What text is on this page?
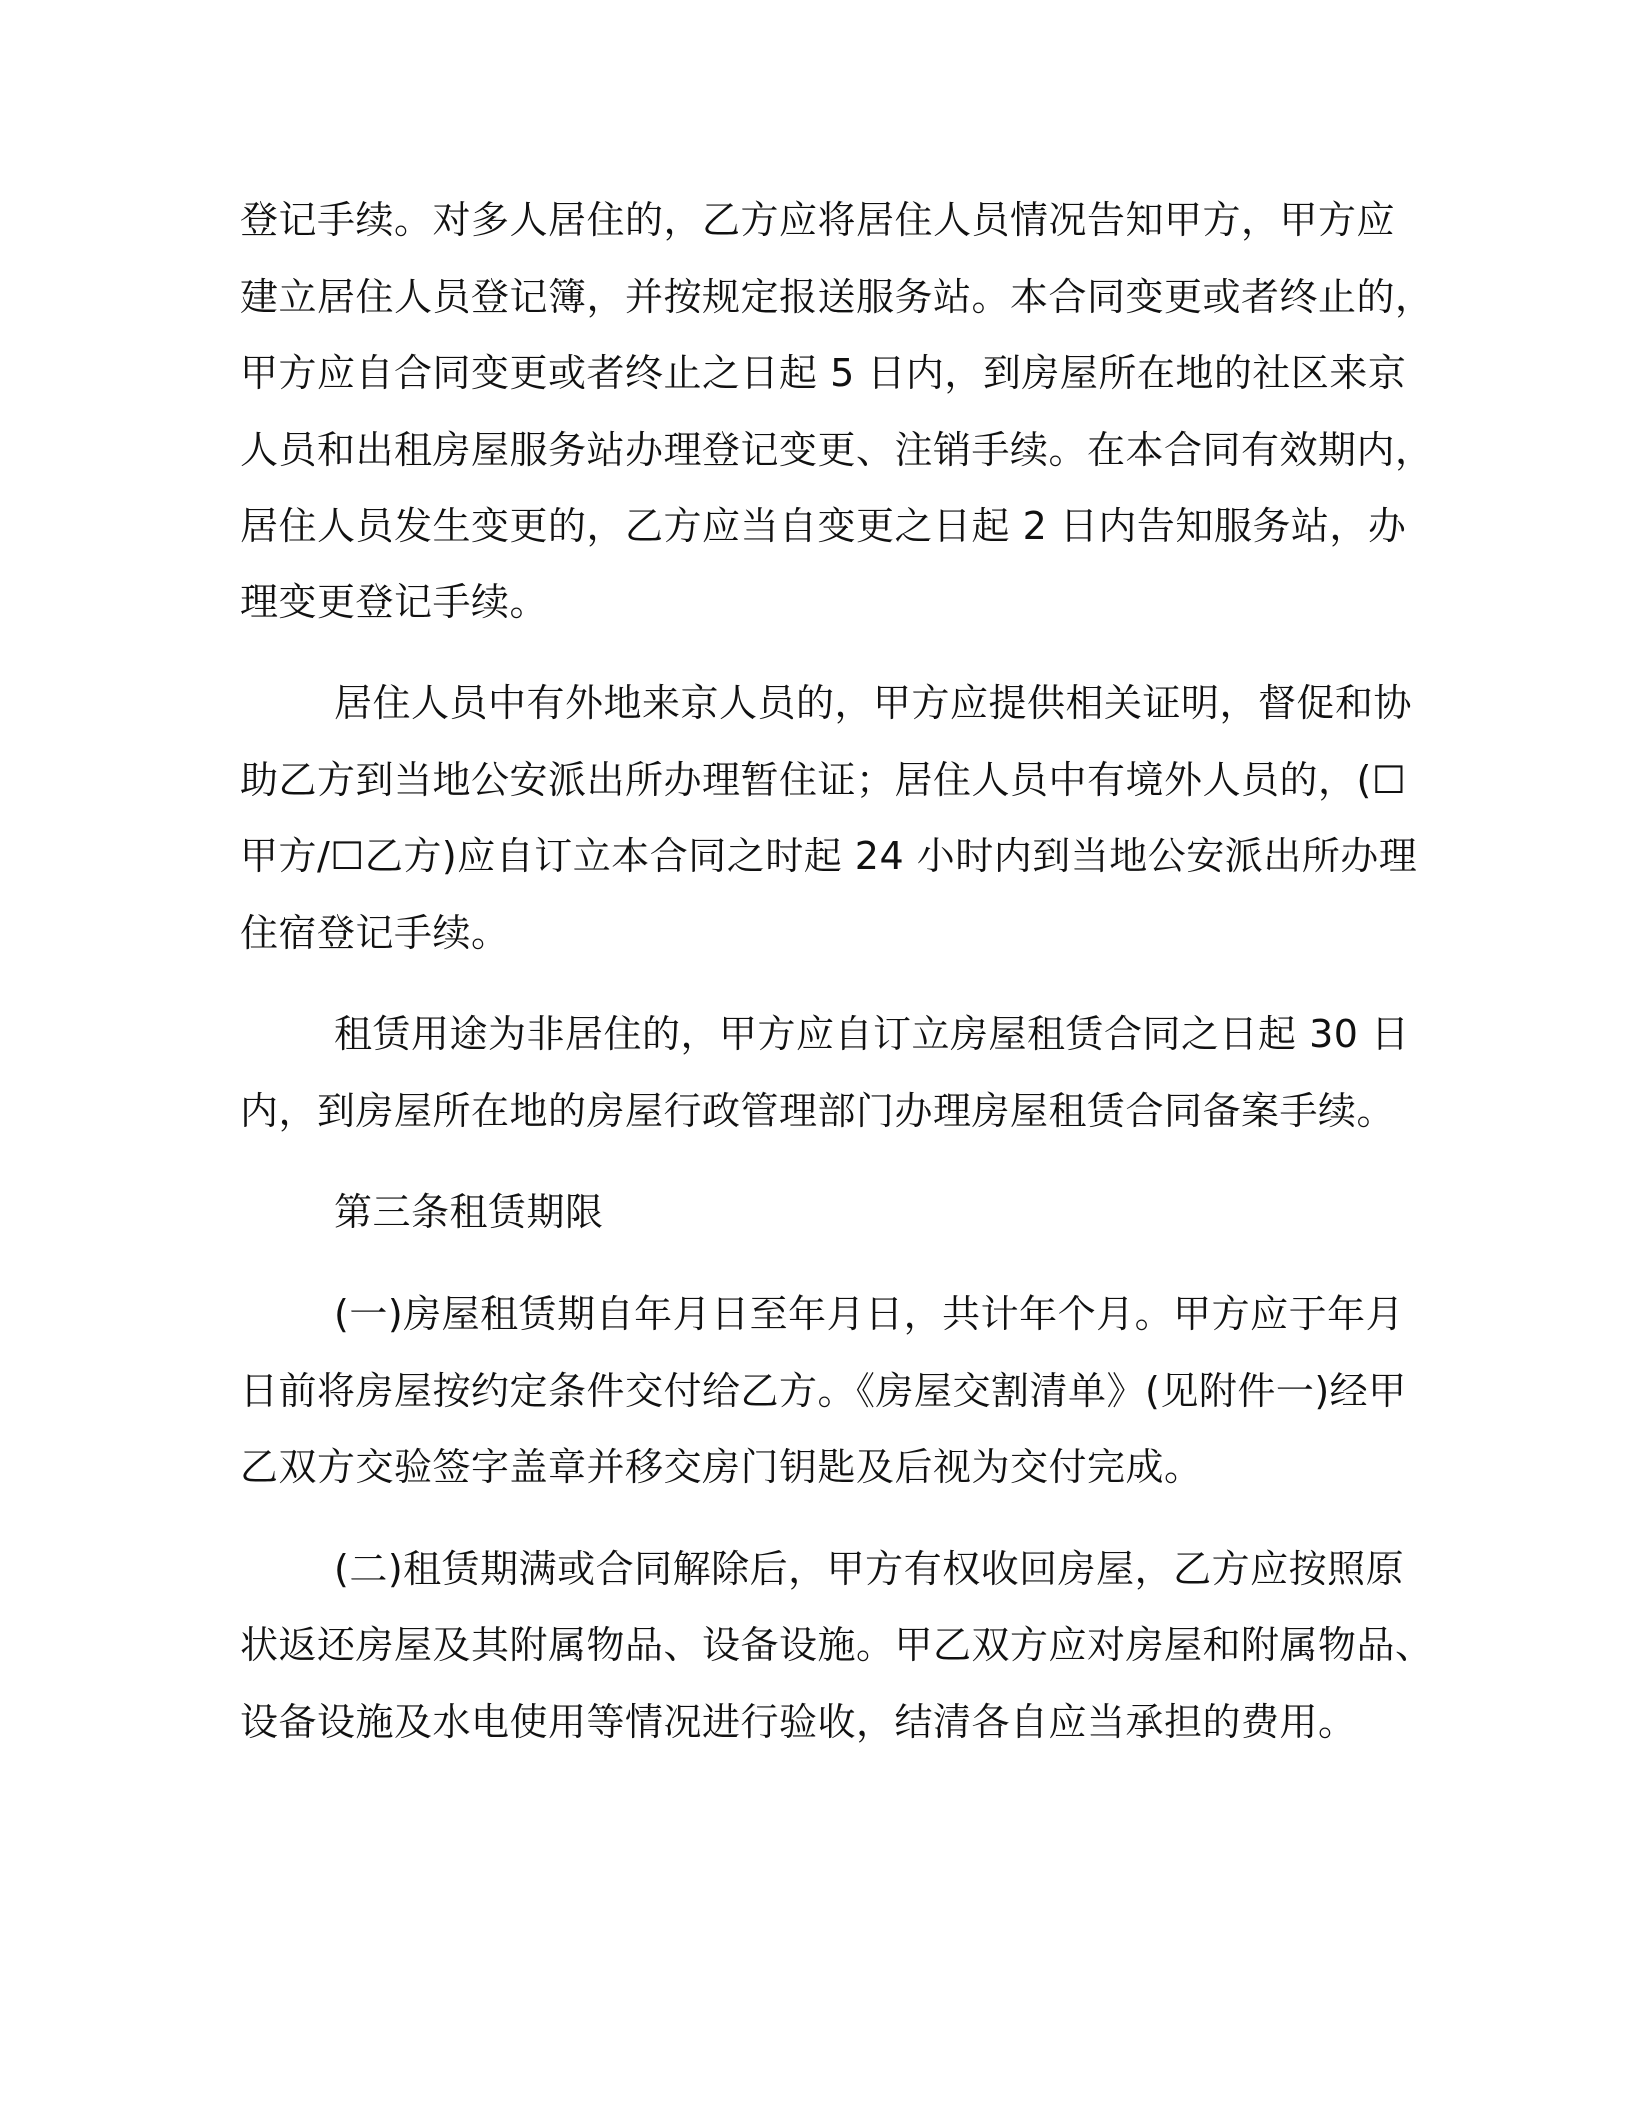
登记手续。对多人居住的，乙方应将居住人员情况告知甲方，甲方应
建立居住人员登记簿，并按规定报送服务站。本合同变更或者终止的，
甲方应自合同变更或者终止之日起 5 日内，到房屋所在地的社区来京
人员和出租房屋服务站办理登记变更、注销手续。在本合同有效期内，
居住人员发生变更的，乙方应当自变更之日起 2 日内告知服务站，办
理变更登记手续。
居住人员中有外地来京人员的，甲方应提供相关证明，督促和协
助乙方到当地公安派出所办理暂住证；居住人员中有境外人员的，(☐
甲方/☐乙方)应自订立本合同之时起 24 小时内到当地公安派出所办理
住宿登记手续。
租赁用途为非居住的，甲方应自订立房屋租赁合同之日起 30 日
内，到房屋所在地的房屋行政管理部门办理房屋租赁合同备案手续。
第三条租赁期限
(一)房屋租赁期自年月日至年月日，共计年个月。甲方应于年月
日前将房屋按约定条件交付给乙方。《房屋交割清单》(见附件一)经甲
乙双方交验签字盖章并移交房门钥匙及后视为交付完成。
(二)租赁期满或合同解除后，甲方有权收回房屋，乙方应按照原
状返还房屋及其附属物品、设备设施。甲乙双方应对房屋和附属物品、
设备设施及水电使用等情况进行验收，结清各自应当承担的费用。
